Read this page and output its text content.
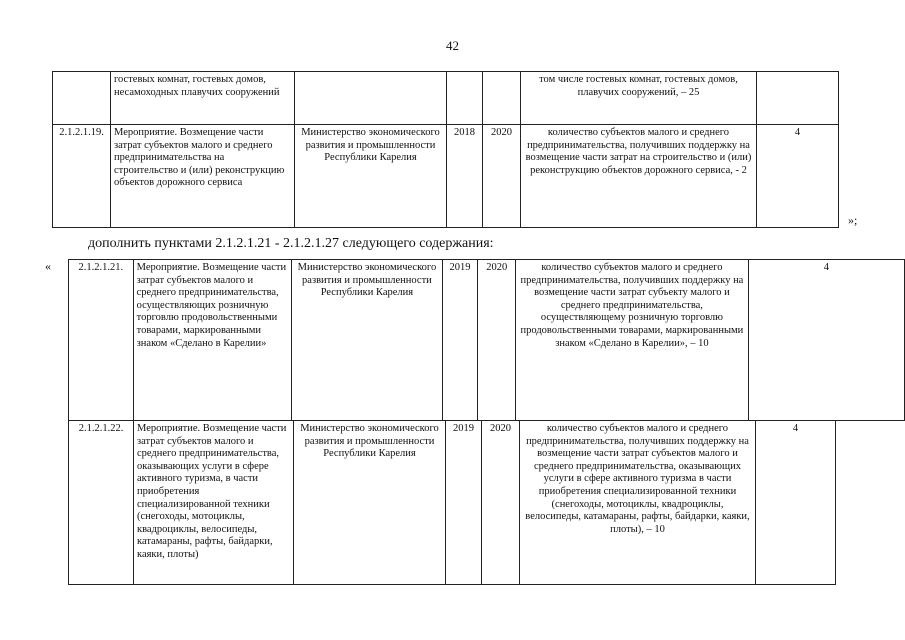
42
	гостевых комнат, гостевых домов, несамоходных плавучих сооружений				том числе гостевых комнат, гостевых домов, плавучих сооружений, – 25	
2.1.2.1.19.	Мероприятие. Возмещение части затрат субъектов малого и среднего предпринимательства на строительство и (или) реконструкцию объектов дорожного сервиса	Министерство экономического развития и промышленности Республики Карелия	2018	2020	количество субъектов малого и среднего предпринимательства, получивших поддержку на возмещение части затрат на строительство и (или) реконструкцию объектов дорожного сервиса, - 2	4
»;
дополнить пунктами 2.1.2.1.21 - 2.1.2.1.27 следующего содержания:
«	2.1.2.1.21.	Мероприятие. Возмещение части затрат субъектов малого и среднего предпринимательства, осуществляющих розничную торговлю продовольственными товарами, маркированными знаком «Сделано в Карелии»	Министерство экономического развития и промышленности Республики Карелия	2019	2020	количество субъектов малого и среднего предпринимательства, получивших поддержку на возмещение части затрат субъекту малого и среднего предпринимательства, осуществляющему розничную торговлю продовольственными товарами, маркированными знаком «Сделано в Карелии», – 10	4
2.1.2.1.22.	Мероприятие. Возмещение части затрат субъектов малого и среднего предпринимательства, оказывающих услуги в сфере активного туризма, в части приобретения специализированной техники (снегоходы, мотоциклы, квадроциклы, велосипеды, катамараны, рафты, байдарки, каяки, плоты)	Министерство экономического развития и промышленности Республики Карелия	2019	2020	количество субъектов малого и среднего предпринимательства, получивших поддержку на возмещение части затрат субъектов малого и среднего предпринимательства, оказывающих услуги в сфере активного туризма в части приобретения специализированной техники (снегоходы, мотоциклы, квадроциклы, велосипеды, катамараны, рафты, байдарки, каяки, плоты), – 10	4
